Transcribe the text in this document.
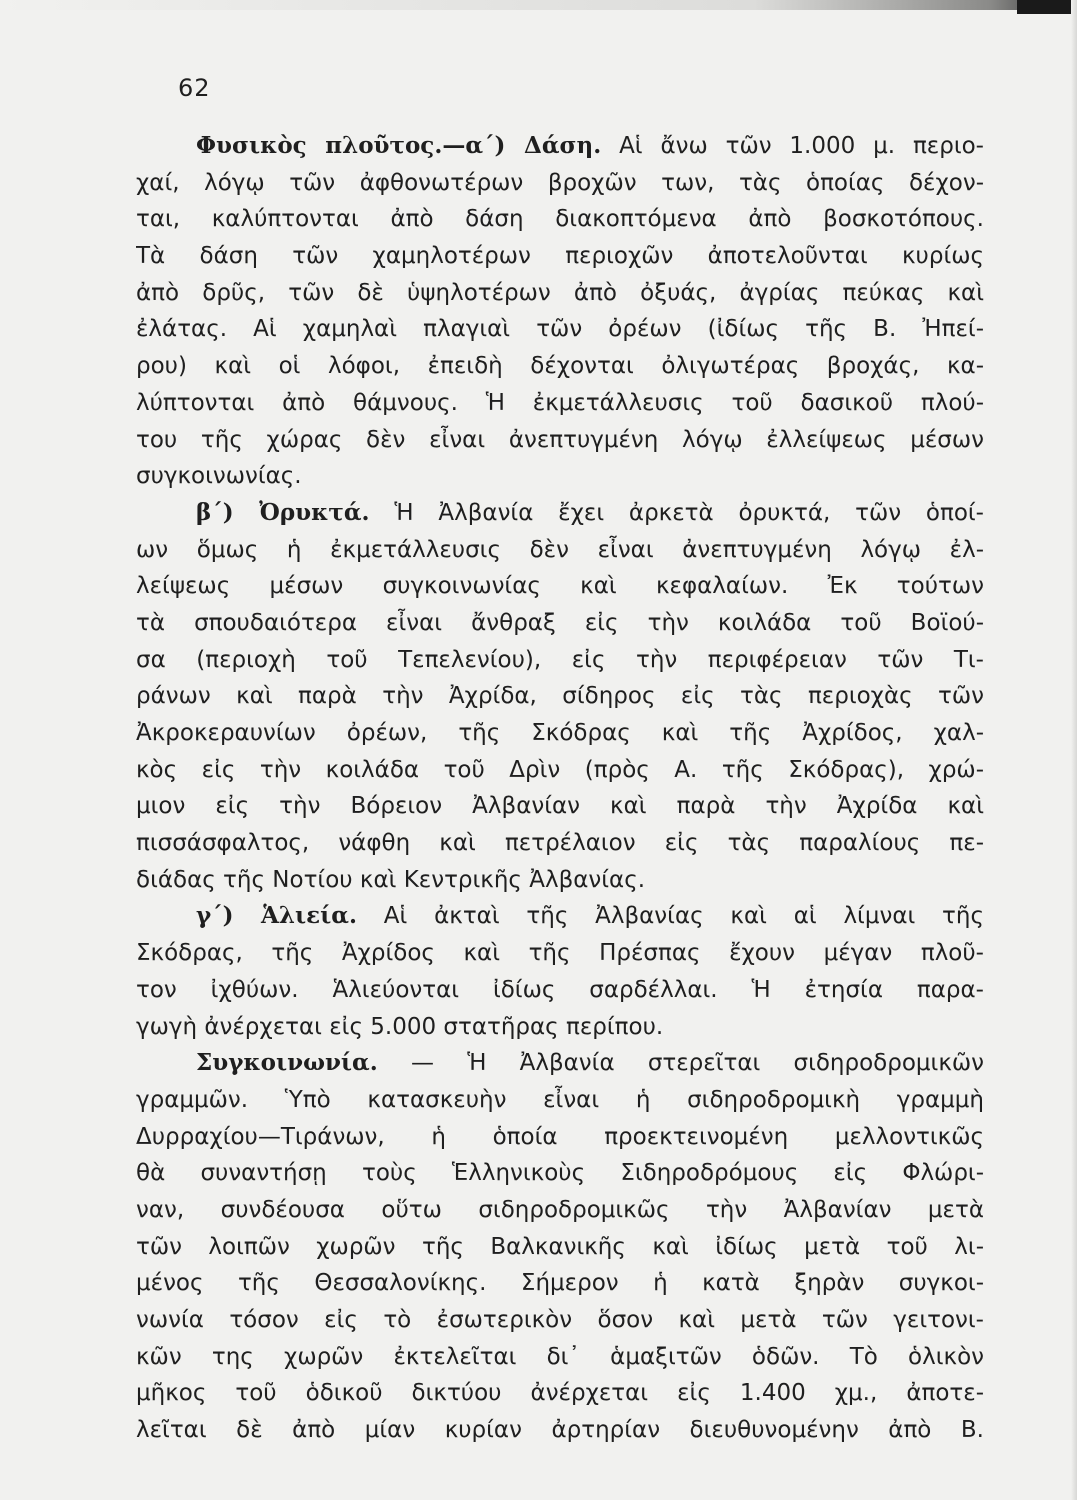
62
Φυσικὸς πλοῦτος.—α΄) Δάση. Αἱ ἄνω τῶν 1.000 μ. περιο-
χαί, λόγῳ τῶν ἀφθονωτέρων βροχῶν των, τὰς ὁποίας δέχον-
ται, καλύπτονται ἀπὸ δάση διακοπτόμενα ἀπὸ βοσκοτόπους.
Τὰ δάση τῶν χαμηλοτέρων περιοχῶν ἀποτελοῦνται κυρίως
ἀπὸ δρῦς, τῶν δὲ ὑψηλοτέρων ἀπὸ ὀξυάς, ἀγρίας πεύκας καὶ
ἐλάτας. Αἱ χαμηλαὶ πλαγιαὶ τῶν ὀρέων (ἰδίως τῆς Β. Ἠπεί-
ρου) καὶ οἱ λόφοι, ἐπειδὴ δέχονται ὀλιγωτέρας βροχάς, κα-
λύπτονται ἀπὸ θάμνους. Ἡ ἐκμετάλλευσις τοῦ δασικοῦ πλού-
του τῆς χώρας δὲν εἶναι ἀνεπτυγμένη λόγῳ ἐλλείψεως μέσων
συγκοινωνίας.
β΄) Ὀρυκτά. Ἡ Ἀλβανία ἔχει ἀρκετὰ ὀρυκτά, τῶν ὁποί-
ων ὅμως ἡ ἐκμετάλλευσις δὲν εἶναι ἀνεπτυγμένη λόγῳ ἐλ-
λείψεως μέσων συγκοινωνίας καὶ κεφαλαίων. Ἐκ τούτων
τὰ σπουδαιότερα εἶναι ἄνθραξ εἰς τὴν κοιλάδα τοῦ Βοϊού-
σα (περιοχὴ τοῦ Τεπελενίου), εἰς τὴν περιφέρειαν τῶν Τι-
ράνων καὶ παρὰ τὴν Ἀχρίδα, σίδηρος εἰς τὰς περιοχὰς τῶν
Ἀκροκεραυνίων ὀρέων, τῆς Σκόδρας καὶ τῆς Ἀχρίδος, χαλ-
κὸς εἰς τὴν κοιλάδα τοῦ Δρὶν (πρὸς Α. τῆς Σκόδρας), χρώ-
μιον εἰς τὴν Βόρειον Ἀλβανίαν καὶ παρὰ τὴν Ἀχρίδα καὶ
πισσάσφαλτος, νάφθη καὶ πετρέλαιον εἰς τὰς παραλίους πε-
διάδας τῆς Νοτίου καὶ Κεντρικῆς Ἀλβανίας.
γ΄) Ἁλιεία. Αἱ ἀκταὶ τῆς Ἀλβανίας καὶ αἱ λίμναι τῆς
Σκόδρας, τῆς Ἀχρίδος καὶ τῆς Πρέσπας ἔχουν μέγαν πλοῦ-
τον ἰχθύων. Ἁλιεύονται ἰδίως σαρδέλλαι. Ἡ ἐτησία παρα-
γωγὴ ἀνέρχεται εἰς 5.000 στατῆρας περίπου.
Συγκοινωνία. — Ἡ Ἀλβανία στερεῖται σιδηροδρομικῶν
γραμμῶν. Ὑπὸ κατασκευὴν εἶναι ἡ σιδηροδρομικὴ γραμμὴ
Δυρραχίου—Τιράνων, ἡ ὁποία προεκτεινομένη μελλοντικῶς
θὰ συναντήσῃ τοὺς Ἑλληνικοὺς Σιδηροδρόμους εἰς Φλώρι-
ναν, συνδέουσα οὕτω σιδηροδρομικῶς τὴν Ἀλβανίαν μετὰ
τῶν λοιπῶν χωρῶν τῆς Βαλκανικῆς καὶ ἰδίως μετὰ τοῦ λι-
μένος τῆς Θεσσαλονίκης. Σήμερον ἡ κατὰ ξηρὰν συγκοι-
νωνία τόσον εἰς τὸ ἐσωτερικὸν ὅσον καὶ μετὰ τῶν γειτονι-
κῶν της χωρῶν ἐκτελεῖται δι᾽ ἁμαξιτῶν ὁδῶν. Τὸ ὁλικὸν
μῆκος τοῦ ὁδικοῦ δικτύου ἀνέρχεται εἰς 1.400 χμ., ἀποτε-
λεῖται δὲ ἀπὸ μίαν κυρίαν ἀρτηρίαν διευθυνομένην ἀπὸ Β.
